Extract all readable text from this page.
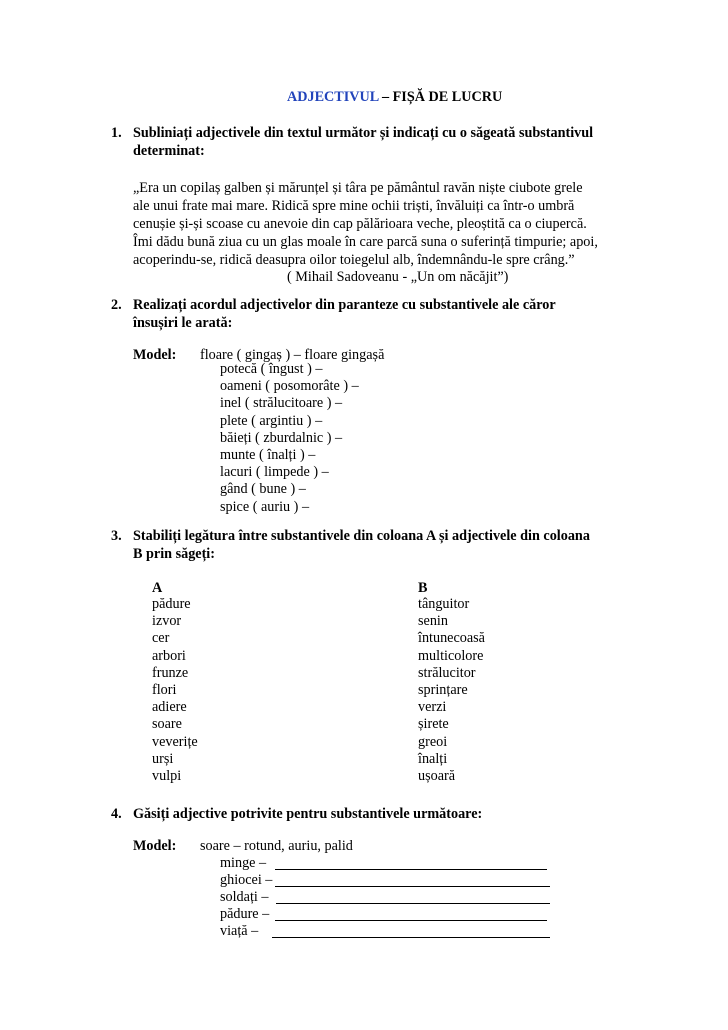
ADJECTIVUL – FIȘĂ DE LUCRU
1. Subliniați adjectivele din textul următor și indicați cu o săgeată substantivul
determinat:
„Era un copilaș galben și mărunțel și târa pe pământul ravăn niște ciubote grele
ale unui frate mai mare. Ridică spre mine ochii triști, învăluiți ca într-o umbră
cenușie și-și scoase cu anevoie din cap pălărioara veche, pleoștită ca o ciupercă.
Îmi dădu bună ziua cu un glas moale în care parcă suna o suferință timpurie; apoi,
acoperindu-se, ridică deasupra oilor toiegelul alb, îndemnându-le spre crâng.”
( Mihail Sadoveanu - „Un om năcăjit”)
2. Realizați acordul adjectivelor din paranteze cu substantivele ale căror
însușiri le arată:
Model: floare ( gingaș ) – floare gingașă
potecă ( îngust ) –
oameni ( posomorâte ) –
inel ( strălucitoare ) –
plete ( argintiu ) –
băieți ( zburdalnic ) –
munte ( înalți ) –
lacuri ( limpede ) –
gând ( bune ) –
spice ( auriu ) –
3. Stabiliți legătura între substantivele din coloana A și adjectivele din coloana
B prin săgeți:
A	B
pădure
izvor
cer
arbori
frunze
flori
adiere
soare
veverițe
urși
vulpi
tânguitor
senin
întunecoasă
multicolore
strălucitor
sprințare
verzi
șirete
greoi
înalți
ușoară
4. Găsiți adjective potrivite pentru substantivele următoare:
Model: soare – rotund, auriu, palid
minge –
ghiocei –
soldați –
pădure –
viață –
